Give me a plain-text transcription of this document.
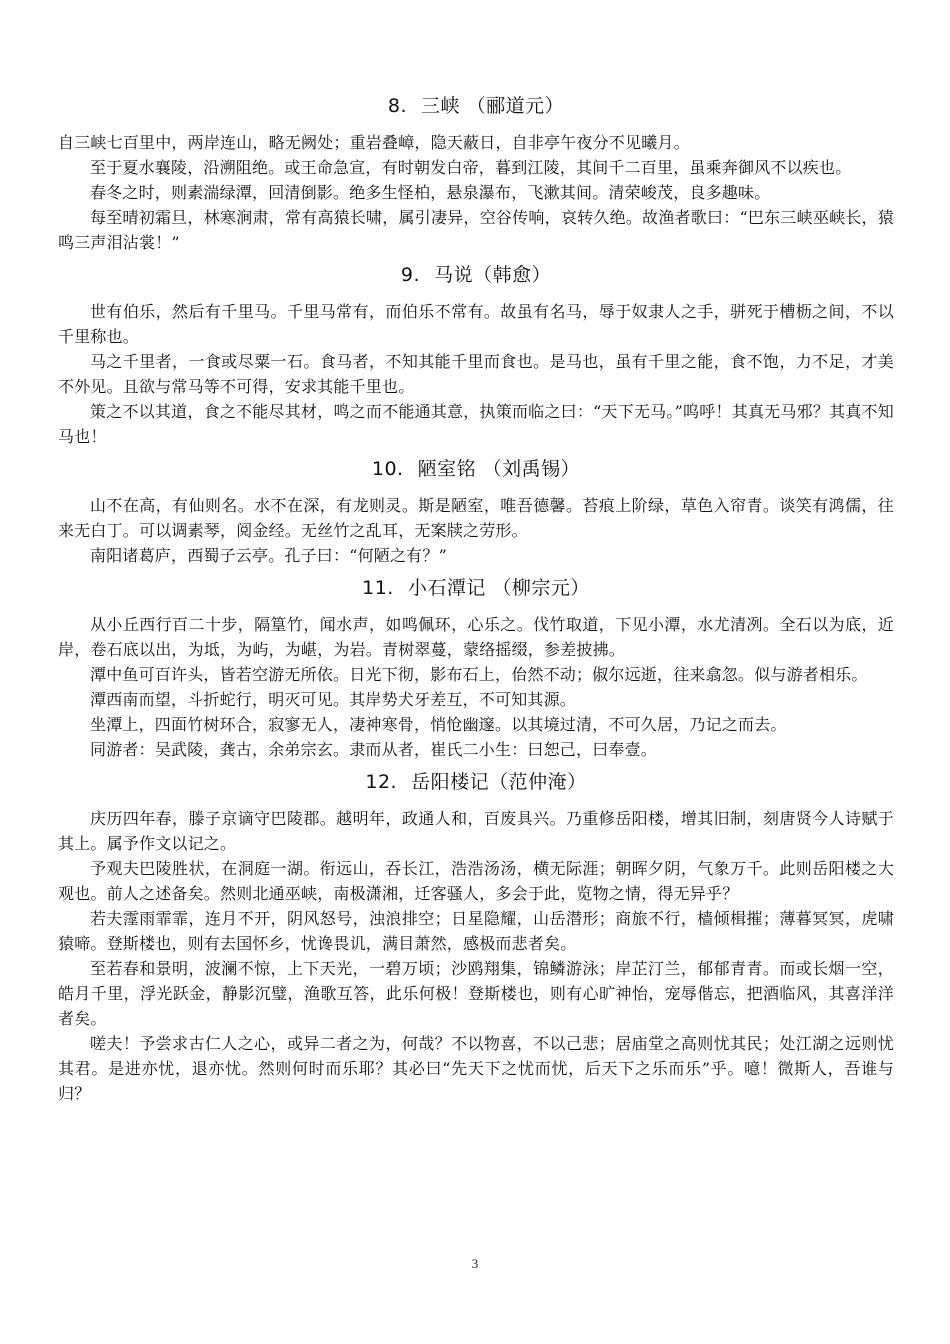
8. 三峡 （郦道元）

自三峡七百里中，两岸连山，略无阙处；重岩叠嶂，隐天蔽日，自非亭午夜分不见曦月。

至于夏水襄陵，沿溯阻绝。或王命急宣，有时朝发白帝，暮到江陵，其间千二百里，虽乘奔御风不以疾也。

春冬之时，则素湍绿潭，回清倒影。绝多生怪柏，悬泉瀑布，飞漱其间。清荣峻茂，良多趣味。

每至晴初霜旦，林寒涧肃，常有高猿长啸，属引凄异，空谷传响，哀转久绝。故渔者歌曰：“巴东三峡巫峡长，猿鸣三声泪沾裳！”

9. 马说（韩愈）

世有伯乐，然后有千里马。千里马常有，而伯乐不常有。故虽有名马，辱于奴隶人之手，骈死于槽枥之间，不以千里称也。

马之千里者，一食或尽粟一石。食马者，不知其能千里而食也。是马也，虽有千里之能，食不饱，力不足，才美不外见。且欲与常马等不可得，安求其能千里也。

策之不以其道，食之不能尽其材，鸣之而不能通其意，执策而临之曰：“天下无马。”呜呼！其真无马邪？其真不知马也！

10. 陋室铭 （刘禹锡）

山不在高，有仙则名。水不在深，有龙则灵。斯是陋室，唯吾德馨。苔痕上阶绿，草色入帘青。谈笑有鸿儒，往来无白丁。可以调素琴，阅金经。无丝竹之乱耳，无案牍之劳形。

南阳诸葛庐，西蜀子云亭。孔子曰：“何陋之有？”

11. 小石潭记 （柳宗元）

从小丘西行百二十步，隔篁竹，闻水声，如鸣佩环，心乐之。伐竹取道，下见小潭，水尤清冽。全石以为底，近岸，卷石底以出，为坻，为屿，为嵁，为岩。青树翠蔓，蒙络摇缀，参差披拂。

潭中鱼可百许头，皆若空游无所依。日光下彻，影布石上，佁然不动；俶尔远逝，往来翕忽。似与游者相乐。

潭西南而望，斗折蛇行，明灭可见。其岸势犬牙差互，不可知其源。

坐潭上，四面竹树环合，寂寥无人，凄神寒骨，悄怆幽邃。以其境过清，不可久居，乃记之而去。

同游者：吴武陵，龚古，余弟宗玄。隶而从者，崔氏二小生：曰恕己，曰奉壹。

12. 岳阳楼记（范仲淹）

庆历四年春，滕子京谪守巴陵郡。越明年，政通人和，百废具兴。乃重修岳阳楼，增其旧制，刻唐贤今人诗赋于其上。属予作文以记之。

予观夫巴陵胜状，在洞庭一湖。衔远山，吞长江，浩浩汤汤，横无际涯；朝晖夕阴，气象万千。此则岳阳楼之大观也。前人之述备矣。然则北通巫峡，南极潇湘，迁客骚人，多会于此，览物之情，得无异乎？

若夫霪雨霏霏，连月不开，阴风怒号，浊浪排空；日星隐耀，山岳潜形；商旅不行，樯倾楫摧；薄暮冥冥，虎啸猿啼。登斯楼也，则有去国怀乡，忧谗畏讥，满目萧然，感极而悲者矣。

至若春和景明，波澜不惊，上下天光，一碧万顷；沙鸥翔集，锦鳞游泳；岸芷汀兰，郁郁青青。而或长烟一空，皓月千里，浮光跃金，静影沉璧，渔歌互答，此乐何极！登斯楼也，则有心旷神怡，宠辱偕忘，把酒临风，其喜洋洋者矣。

嗟夫！予尝求古仁人之心，或异二者之为，何哉？不以物喜，不以己悲；居庙堂之高则忧其民；处江湖之远则忧其君。是进亦忧，退亦忧。然则何时而乐耶？其必曰“先天下之忧而忧，后天下之乐而乐”乎。噫！微斯人，吾谁与归？

3
